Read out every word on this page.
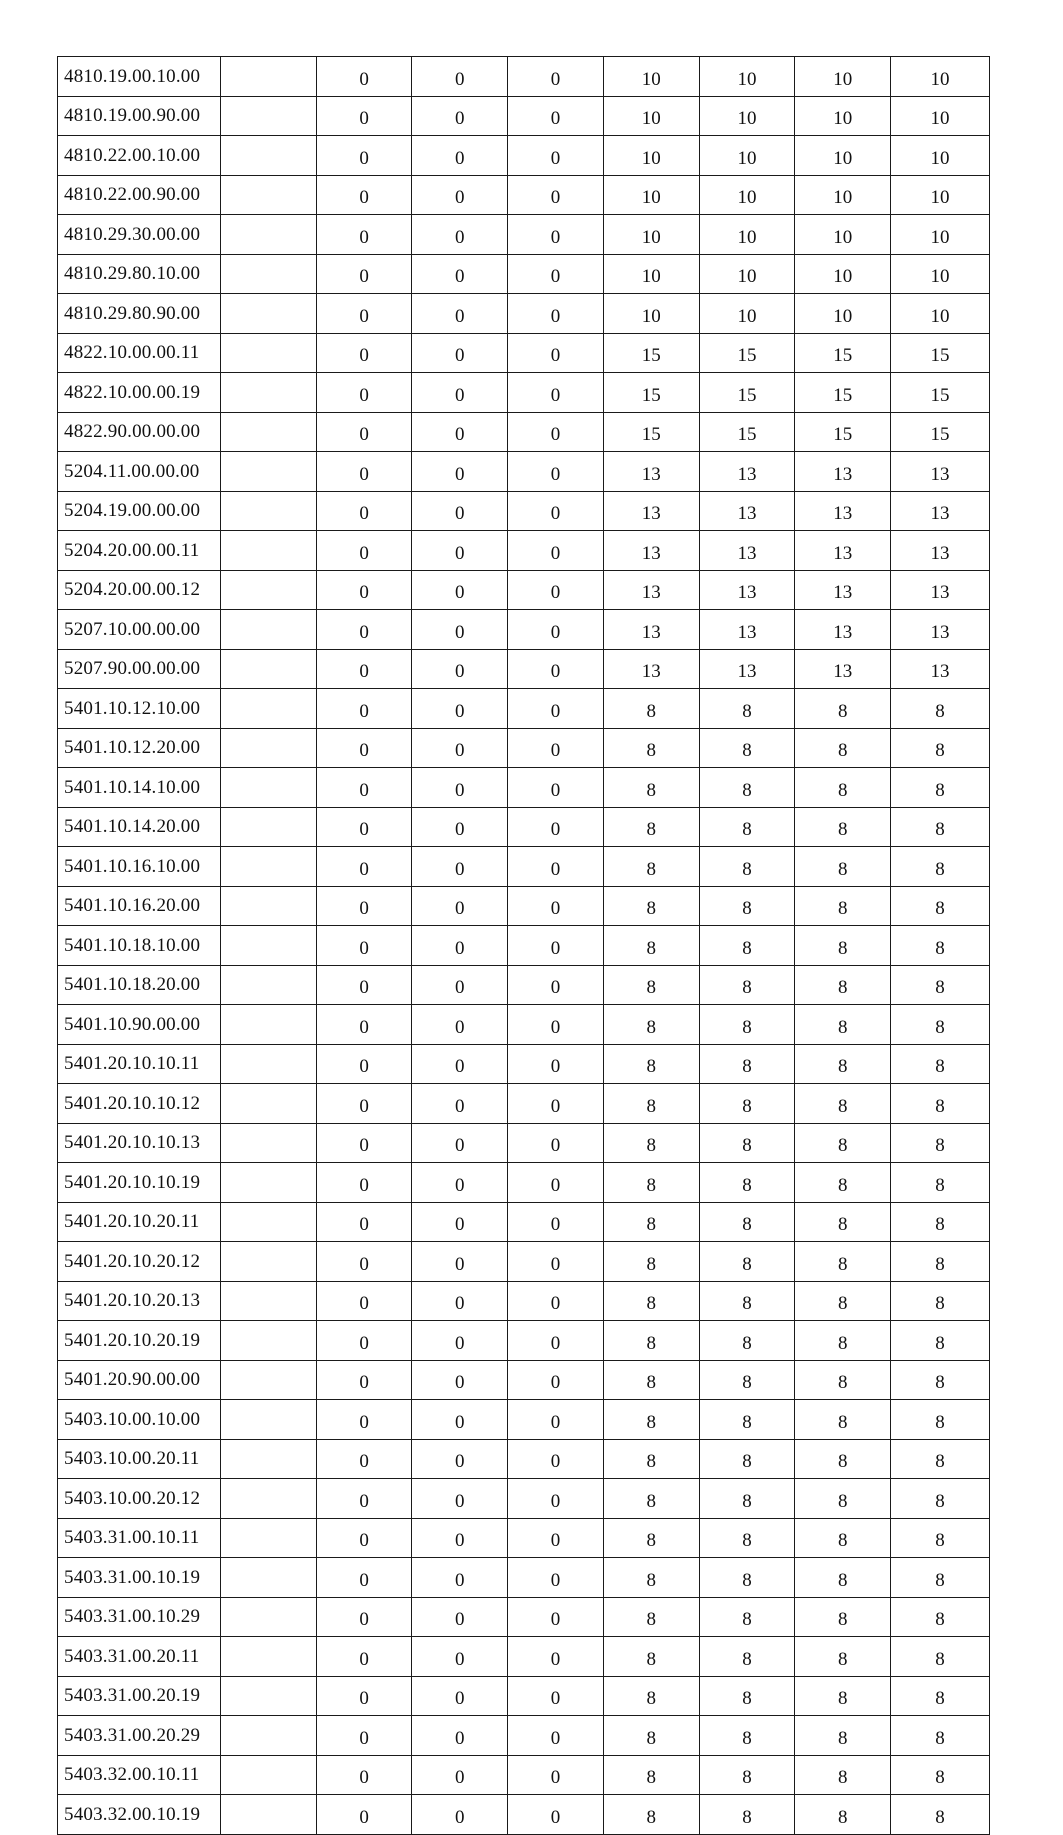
4810.19.00.10.00		0	0	0	10	10	10	10
4810.19.00.90.00		0	0	0	10	10	10	10
4810.22.00.10.00		0	0	0	10	10	10	10
4810.22.00.90.00		0	0	0	10	10	10	10
4810.29.30.00.00		0	0	0	10	10	10	10
4810.29.80.10.00		0	0	0	10	10	10	10
4810.29.80.90.00		0	0	0	10	10	10	10
4822.10.00.00.11		0	0	0	15	15	15	15
4822.10.00.00.19		0	0	0	15	15	15	15
4822.90.00.00.00		0	0	0	15	15	15	15
5204.11.00.00.00		0	0	0	13	13	13	13
5204.19.00.00.00		0	0	0	13	13	13	13
5204.20.00.00.11		0	0	0	13	13	13	13
5204.20.00.00.12		0	0	0	13	13	13	13
5207.10.00.00.00		0	0	0	13	13	13	13
5207.90.00.00.00		0	0	0	13	13	13	13
5401.10.12.10.00		0	0	0	8	8	8	8
5401.10.12.20.00		0	0	0	8	8	8	8
5401.10.14.10.00		0	0	0	8	8	8	8
5401.10.14.20.00		0	0	0	8	8	8	8
5401.10.16.10.00		0	0	0	8	8	8	8
5401.10.16.20.00		0	0	0	8	8	8	8
5401.10.18.10.00		0	0	0	8	8	8	8
5401.10.18.20.00		0	0	0	8	8	8	8
5401.10.90.00.00		0	0	0	8	8	8	8
5401.20.10.10.11		0	0	0	8	8	8	8
5401.20.10.10.12		0	0	0	8	8	8	8
5401.20.10.10.13		0	0	0	8	8	8	8
5401.20.10.10.19		0	0	0	8	8	8	8
5401.20.10.20.11		0	0	0	8	8	8	8
5401.20.10.20.12		0	0	0	8	8	8	8
5401.20.10.20.13		0	0	0	8	8	8	8
5401.20.10.20.19		0	0	0	8	8	8	8
5401.20.90.00.00		0	0	0	8	8	8	8
5403.10.00.10.00		0	0	0	8	8	8	8
5403.10.00.20.11		0	0	0	8	8	8	8
5403.10.00.20.12		0	0	0	8	8	8	8
5403.31.00.10.11		0	0	0	8	8	8	8
5403.31.00.10.19		0	0	0	8	8	8	8
5403.31.00.10.29		0	0	0	8	8	8	8
5403.31.00.20.11		0	0	0	8	8	8	8
5403.31.00.20.19		0	0	0	8	8	8	8
5403.31.00.20.29		0	0	0	8	8	8	8
5403.32.00.10.11		0	0	0	8	8	8	8
5403.32.00.10.19		0	0	0	8	8	8	8
